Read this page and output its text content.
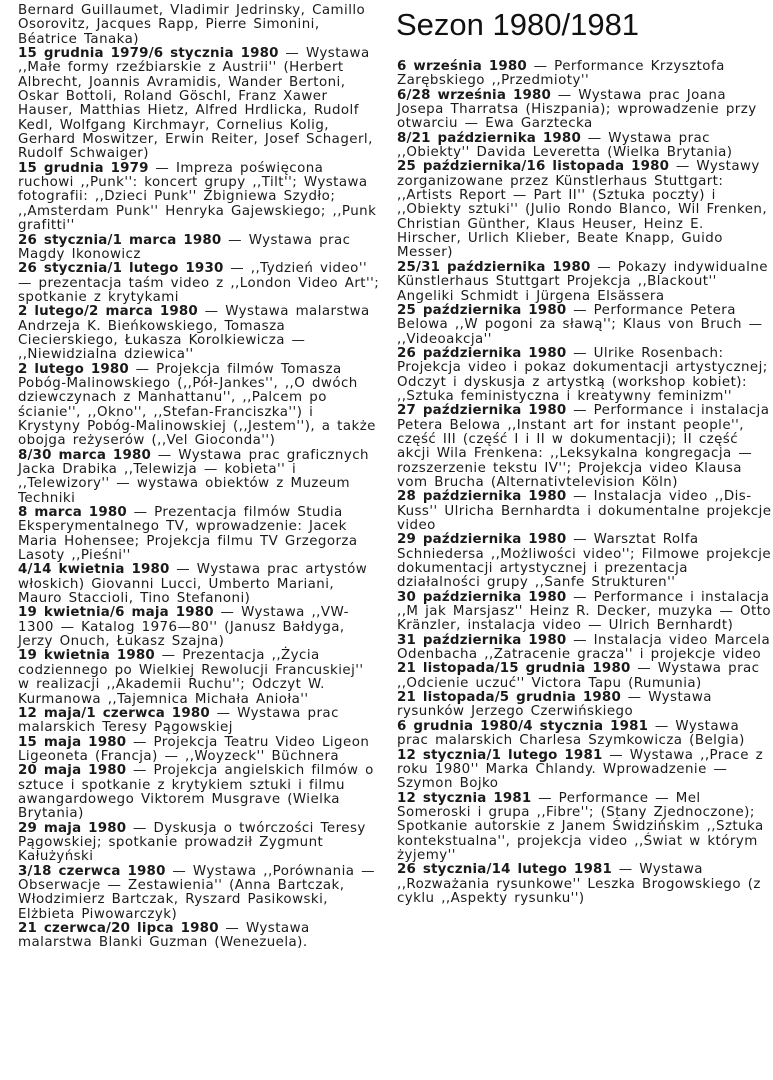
Bernard Guillaumet, Vladimir Jedrinsky, Camillo Osorovitz, Jacques Rapp, Pierre Simonini, Béatrice Tanaka)

15 grudnia 1979/6 stycznia 1980 — Wystawa ,,Małe formy rzeźbiarskie z Austrii'' (Herbert Albrecht, Joannis Avramidis, Wander Bertoni, Oskar Bottoli, Roland Göschl, Franz Xawer Hauser, Matthias Hietz, Alfred Hrdlicka, Rudolf Kedl, Wolfgang Kirchmayr, Cornelius Kolig, Gerhard Moswitzer, Erwin Reiter, Josef Schagerl, Rudolf Schwaiger)

15 grudnia 1979 — Impreza poświęcona ruchowi ,,Punk'': koncert grupy ,,Tilt''; Wystawa fotografii: ,,Dzieci Punk'' Zbigniewa Szydło; ,,Amsterdam Punk'' Henryka Gajewskiego; ,,Punk grafitti''

26 stycznia/1 marca 1980 — Wystawa prac Magdy Ikonowicz

26 stycznia/1 lutego 1930 — ,,Tydzień video'' — prezentacja taśm video z ,,London Video Art''; spotkanie z krytykami

2 lutego/2 marca 1980 — Wystawa malarstwa Andrzeja K. Bieńkowskiego, Tomasza Ciecierskiego, Łukasza Korolkiewicza — ,,Niewidzialna dziewica''

2 lutego 1980 — Projekcja filmów Tomasza Pobóg-Malinowskiego (,,Pół-Jankes'', ,,O dwóch dziewczynach z Manhattanu'', ,,Palcem po ścianie'', ,,Okno'', ,,Stefan-Franciszka'') i Krystyny Pobóg-Malinowskiej (,,Jestem''), a także obojga reżyserów (,,Vel Gioconda'')

8/30 marca 1980 — Wystawa prac graficznych Jacka Drabika ,,Telewizja — kobieta'' i ,,Telewizory'' — wystawa obiektów z Muzeum Techniki

8 marca 1980 — Prezentacja filmów Studia Eksperymentalnego TV, wprowadzenie: Jacek Maria Hohensee; Projekcja filmu TV Grzegorza Lasoty ,,Pieśni''

4/14 kwietnia 1980 — Wystawa prac artystów włoskich) Giovanni Lucci, Umberto Mariani, Mauro Staccioli, Tino Stefanoni)

19 kwietnia/6 maja 1980 — Wystawa ,,VW-1300 — Katalog 1976—80'' (Janusz Bałdyga, Jerzy Onuch, Łukasz Szajna)

19 kwietnia 1980 — Prezentacja ,,Życia codziennego po Wielkiej Rewolucji Francuskiej'' w realizacji ,,Akademii Ruchu''; Odczyt W. Kurmanowa ,,Tajemnica Michała Anioła''

12 maja/1 czerwca 1980 — Wystawa prac malarskich Teresy Pągowskiej

15 maja 1980 — Projekcja Teatru Video Ligeon Ligeoneta (Francja) — ,,Woyzeck'' Büchnera

20 maja 1980 — Projekcja angielskich filmów o sztuce i spotkanie z krytykiem sztuki i filmu awangardowego Viktorem Musgrave (Wielka Brytania)

29 maja 1980 — Dyskusja o twórczości Teresy Pągowskiej; spotkanie prowadził Zygmunt Kałużyński

3/18 czerwca 1980 — Wystawa ,,Porównania — Obserwacje — Zestawienia'' (Anna Bartczak, Włodzimierz Bartczak, Ryszard Pasikowski, Elżbieta Piwowarczyk)

21 czerwca/20 lipca 1980 — Wystawa malarstwa Blanki Guzman (Wenezuela).

Sezon 1980/1981

6 września 1980 — Performance Krzysztofa Zarębskiego ,,Przedmioty''

6/28 września 1980 — Wystawa prac Joana Josepa Tharratsa (Hiszpania); wprowadzenie przy otwarciu — Ewa Garztecka

8/21 października 1980 — Wystawa prac ,,Obiekty'' Davida Leveretta (Wielka Brytania)

25 października/16 listopada 1980 — Wystawy zorganizowane przez Künstlerhaus Stuttgart: ,,Artists Report — Part II'' (Sztuka poczty) i ,,Obiekty sztuki'' (Julio Rondo Blanco, Wil Frenken, Christian Günther, Klaus Heuser, Heinz E. Hirscher, Urlich Klieber, Beate Knapp, Guido Messer)

25/31 października 1980 — Pokazy indywidualne Künstlerhaus Stuttgart Projekcja ,,Blackout'' Angeliki Schmidt i Jürgena Elsässera

25 października 1980 — Performance Petera Belowa ,,W pogoni za sławą''; Klaus von Bruch — ,,Videoakcja''

26 października 1980 — Ulrike Rosenbach: Projekcja video i pokaz dokumentacji artystycznej; Odczyt i dyskusja z artystką (workshop kobiet): ,,Sztuka feministyczna i kreatywny feminizm''

27 października 1980 — Performance i instalacja Petera Belowa ,,Instant art for instant people'', część III (część I i II w dokumentacji); II część akcji Wila Frenkena: ,,Leksykalna kongregacja — rozszerzenie tekstu IV''; Projekcja video Klausa vom Brucha (Alternativtelevision Köln)

28 października 1980 — Instalacja video ,,Dis-Kuss'' Ulricha Bernhardta i dokumentalne projekcje video

29 października 1980 — Warsztat Rolfa Schniedersa ,,Możliwości video''; Filmowe projekcje dokumentacji artystycznej i prezentacja działalności grupy ,,Sanfe Strukturen''

30 października 1980 — Performance i instalacja ,,M jak Marsjasz'' Heinz R. Decker, muzyka — Otto Kränzler, instalacja video — Ulrich Bernhardt)

31 października 1980 — Instalacja video Marcela Odenbacha ,,Zatracenie gracza'' i projekcje video

21 listopada/15 grudnia 1980 — Wystawa prac ,,Odcienie uczuć'' Victora Tapu (Rumunia)

21 listopada/5 grudnia 1980 — Wystawa rysunków Jerzego Czerwińskiego

6 grudnia 1980/4 stycznia 1981 — Wystawa prac malarskich Charlesa Szymkowicza (Belgia)

12 stycznia/1 lutego 1981 — Wystawa ,,Prace z roku 1980'' Marka Chlandy. Wprowadzenie — Szymon Bojko

12 stycznia 1981 — Performance — Mel Someroski i grupa ,,Fibre''; (Stany Zjednoczone); Spotkanie autorskie z Janem Świdzińskim ,,Sztuka kontekstualna'', projekcja video ,,Świat w którym żyjemy''

26 stycznia/14 lutego 1981 — Wystawa ,,Rozważania rysunkowe'' Leszka Brogowskiego (z cyklu ,,Aspekty rysunku'')
